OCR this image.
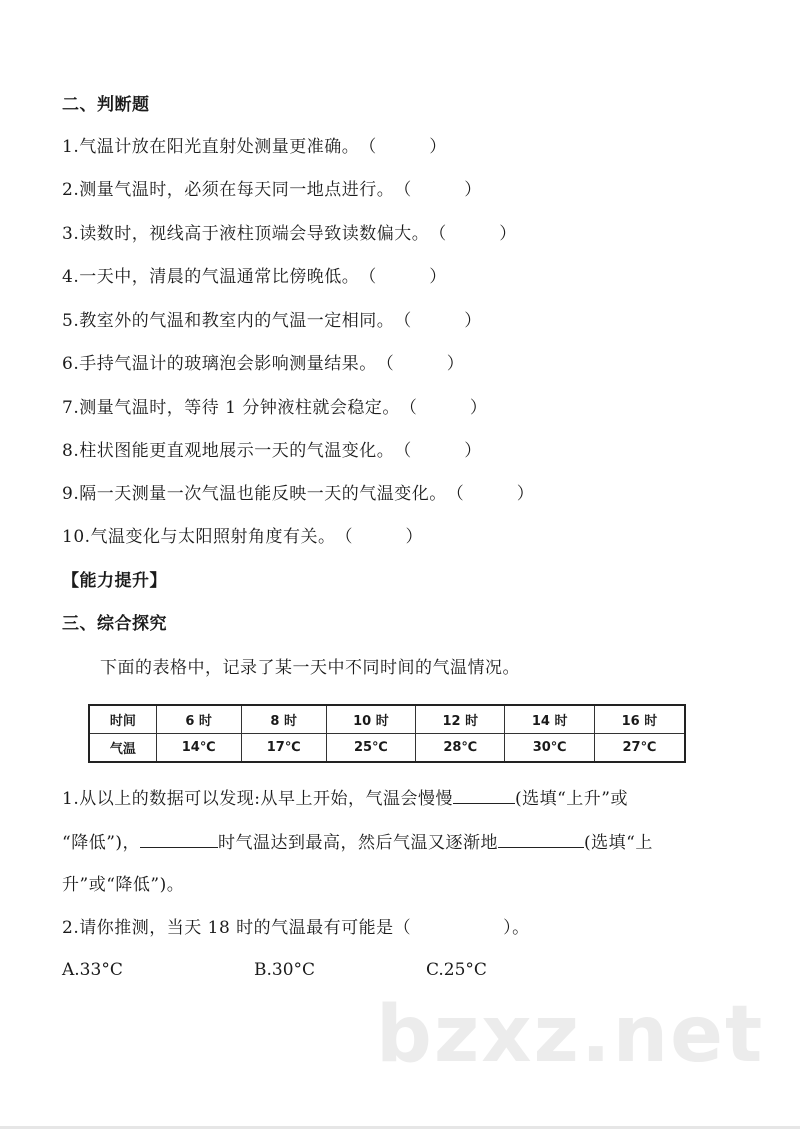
二、判断题
1.气温计放在阳光直射处测量更准确。（　　　）
2.测量气温时，必须在每天同一地点进行。（　　　）
3.读数时，视线高于液柱顶端会导致读数偏大。（　　　）
4.一天中，清晨的气温通常比傍晚低。（　　　）
5.教室外的气温和教室内的气温一定相同。（　　　）
6.手持气温计的玻璃泡会影响测量结果。（　　　）
7.测量气温时，等待 1 分钟液柱就会稳定。（　　　）
8.柱状图能更直观地展示一天的气温变化。（　　　）
9.隔一天测量一次气温也能反映一天的气温变化。（　　　）
10.气温变化与太阳照射角度有关。（　　　）
【能力提升】
三、综合探究
下面的表格中，记录了某一天中不同时间的气温情况。
时间	6 时	8 时	10 时	12 时	14 时	16 时
气温	14℃	17℃	25℃	28℃	30℃	27℃
1.从以上的数据可以发现:从早上开始，气温会慢慢	(选填“上升”或
“降低”)，	时气温达到最高，然后气温又逐渐地	(选填“上
升”或“降低”)。
2.请你推测，当天 18 时的气温最有可能是（	）。
A.33°C	B.30°C	C.25°C
bzxz.net
